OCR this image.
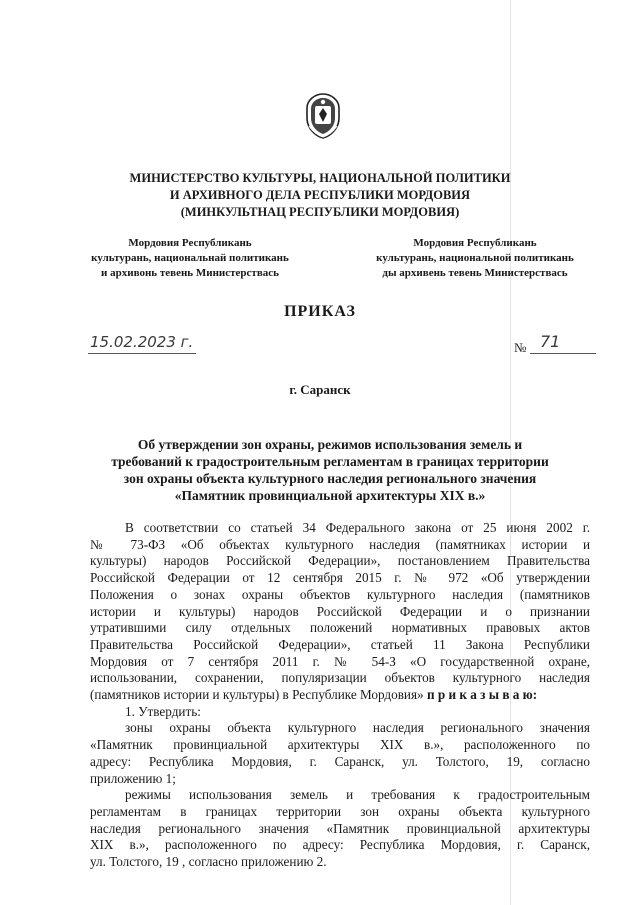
МИНИСТЕРСТВО КУЛЬТУРЫ, НАЦИОНАЛЬНОЙ ПОЛИТИКИ
И АРХИВНОГО ДЕЛА РЕСПУБЛИКИ МОРДОВИЯ
(МИНКУЛЬТНАЦ РЕСПУБЛИКИ МОРДОВИЯ)
Мордовия Республикань
культурань, национальнай политикань
и архивонь тевень Министерствась
Мордовия Республикань
культурань, национальной политикань
ды архивень тевень Министерствась
ПРИКАЗ
15.02.2023 г.	№ 71
г. Саранск
Об утверждении зон охраны, режимов использования земель и
требований к градостроительным регламентам в границах территории
зон охраны объекта культурного наследия регионального значения
«Памятник провинциальной архитектуры XIX в.»
В соответствии со статьей 34 Федерального закона от 25 июня 2002 г.
№ 73-ФЗ «Об объектах культурного наследия (памятниках истории и
культуры) народов Российской Федерации», постановлением Правительства
Российской Федерации от 12 сентября 2015 г. № 972 «Об утверждении
Положения о зонах охраны объектов культурного наследия (памятников
истории и культуры) народов Российской Федерации и о признании
утратившими силу отдельных положений нормативных правовых актов
Правительства Российской Федерации», статьей 11 Закона Республики
Мордовия от 7 сентября 2011 г. № 54-З «О государственной охране,
использовании, сохранении, популяризации объектов культурного наследия
(памятников истории и культуры) в Республике Мордовия» п р и к а з ы в а ю:
1. Утвердить:
зоны охраны объекта культурного наследия регионального значения
«Памятник провинциальной архитектуры XIX в.», расположенного по
адресу: Республика Мордовия, г. Саранск, ул. Толстого, 19, согласно
приложению 1;
режимы использования земель и требования к градостроительным
регламентам в границах территории зон охраны объекта культурного
наследия регионального значения «Памятник провинциальной архитектуры
XIX в.», расположенного по адресу: Республика Мордовия, г. Саранск,
ул. Толстого, 19 , согласно приложению 2.
